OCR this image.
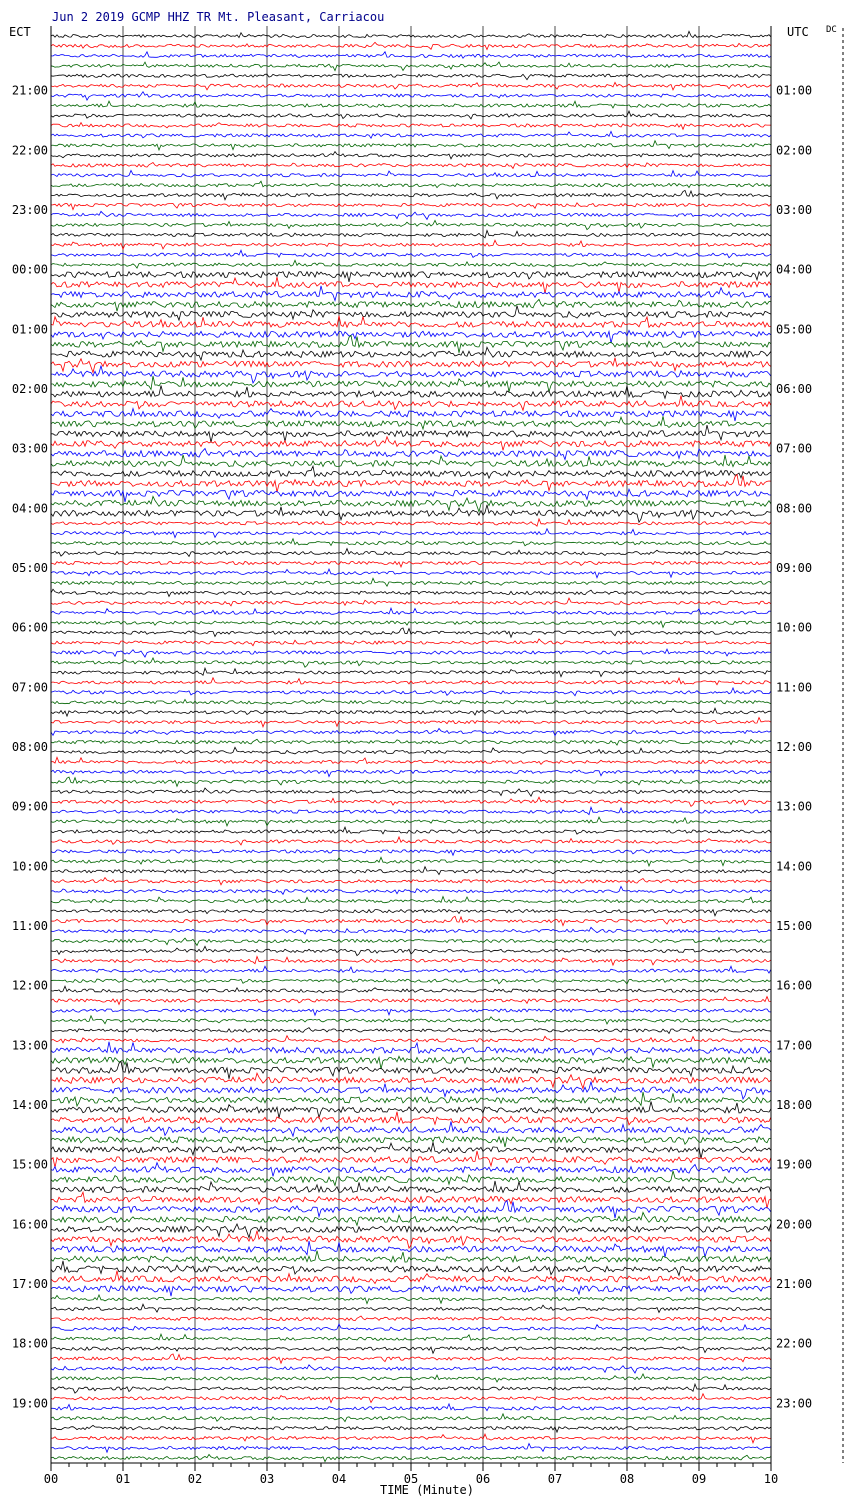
Jun 2 2019 GCMP HHZ TR Mt. Pleasant, Carriacou
ECT	UTC DC
21:00
22:00
23:00
00:00
01:00
02:00
03:00
04:00
05:00
06:00
07:00
08:00
09:00
10:00
11:00
12:00
13:00
14:00
15:00
16:00
17:00
18:00
19:00
01:00
02:00
03:00
04:00
05:00
06:00
07:00
08:00
09:00
10:00
11:00
12:00
13:00
14:00
15:00
16:00
17:00
18:00
19:00
20:00
21:00
22:00
23:00
00	01	02	03	04	05	06	07	08	09	10
TIME (Minute)
